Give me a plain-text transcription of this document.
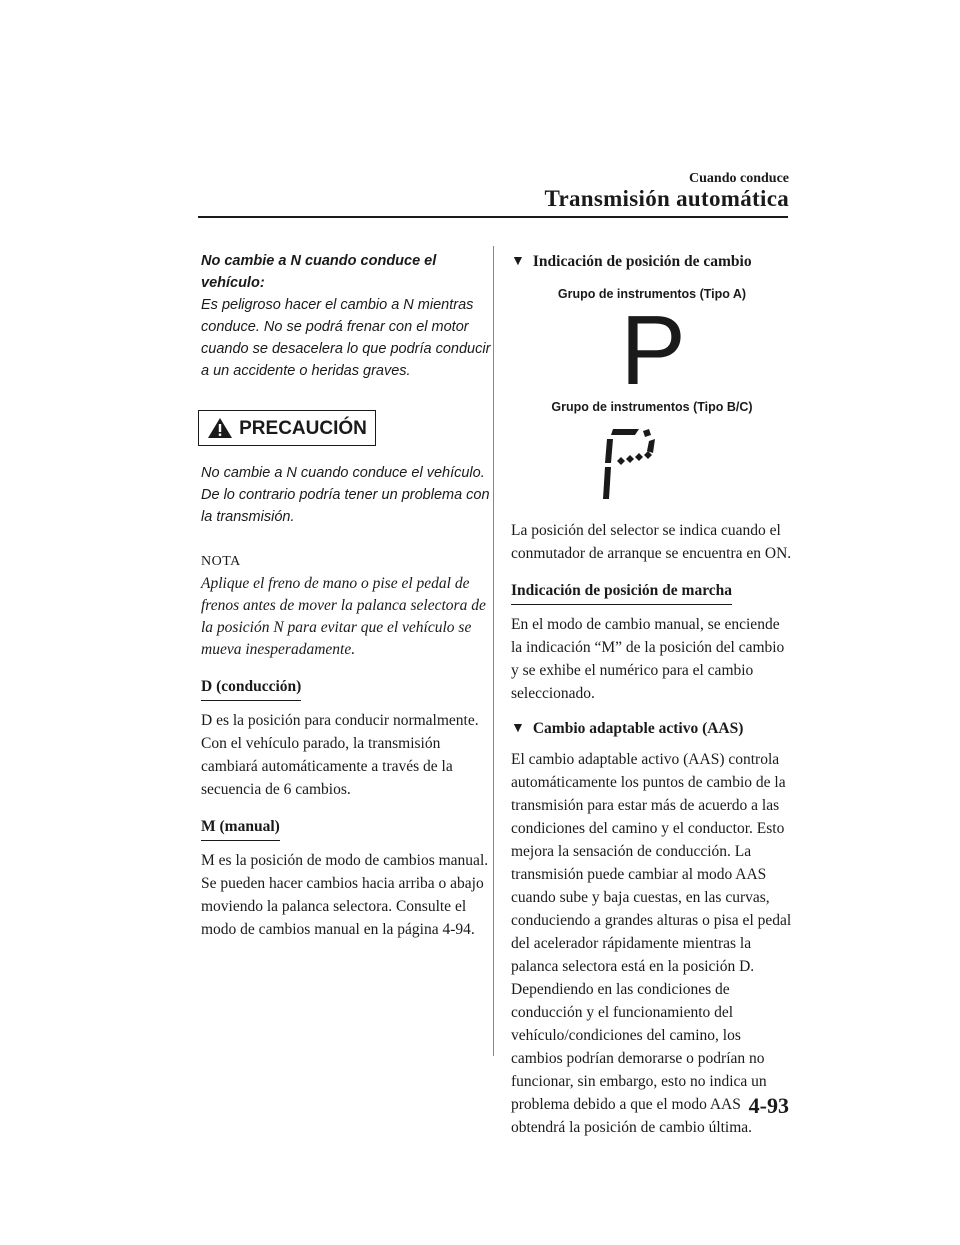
Cuando conduce
Transmisión automática
No cambie a N cuando conduce el vehículo:
Es peligroso hacer el cambio a N mientras conduce. No se podrá frenar con el motor cuando se desacelera lo que podría conducir a un accidente o heridas graves.
PRECAUCIÓN
No cambie a N cuando conduce el vehículo. De lo contrario podría tener un problema con la transmisión.
NOTA
Aplique el freno de mano o pise el pedal de frenos antes de mover la palanca selectora de la posición N para evitar que el vehículo se mueva inesperadamente.
D (conducción)

D es la posición para conducir normalmente. Con el vehículo parado, la transmisión cambiará automáticamente a través de la secuencia de 6 cambios.

M (manual)

M es la posición de modo de cambios manual. Se pueden hacer cambios hacia arriba o abajo moviendo la palanca selectora. Consulte el modo de cambios manual en la página 4-94.

▼ Indicación de posición de cambio
Grupo de instrumentos (Tipo A)
P
Grupo de instrumentos (Tipo B/C)

La posición del selector se indica cuando el conmutador de arranque se encuentra en ON.

Indicación de posición de marcha

En el modo de cambio manual, se enciende la indicación “M” de la posición del cambio y se exhibe el numérico para el cambio seleccionado.

▼ Cambio adaptable activo (AAS)

El cambio adaptable activo (AAS) controla automáticamente los puntos de cambio de la transmisión para estar más de acuerdo a las condiciones del camino y el conductor. Esto mejora la sensación de conducción. La transmisión puede cambiar al modo AAS cuando sube y baja cuestas, en las curvas, conduciendo a grandes alturas o pisa el pedal del acelerador rápidamente mientras la palanca selectora está en la posición D. Dependiendo en las condiciones de conducción y el funcionamiento del vehículo/condiciones del camino, los cambios podrían demorarse o podrían no funcionar, sin embargo, esto no indica un problema debido a que el modo AAS obtendrá la posición de cambio última.

4-93
